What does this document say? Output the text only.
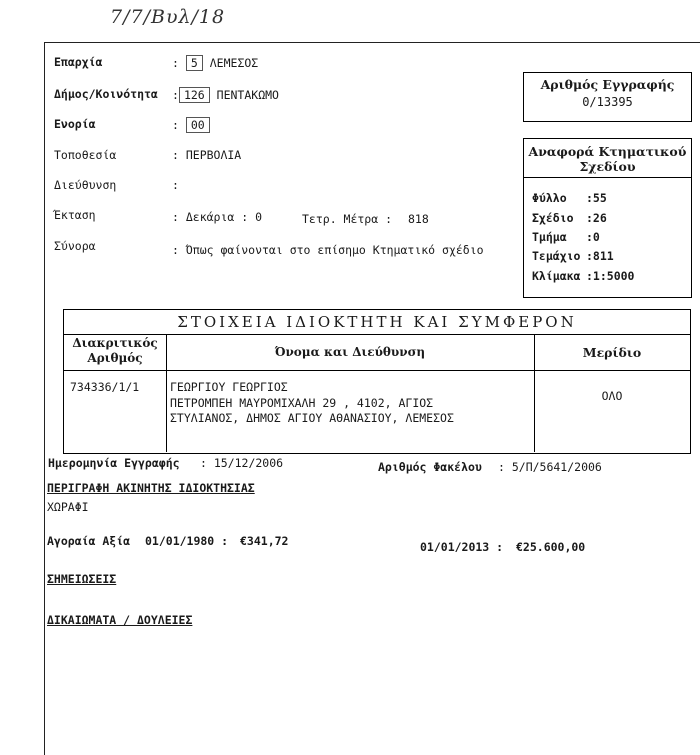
7/7/Βυλ/18
Επαρχία	: 5 ΛΕΜΕΣΟΣ
Δήμος/Κοινότητα : 126 ΠΕΝΤΑΚΩΜΟ
Ενορία	: 00
Τοποθεσία	: ΠΕΡΒΟΛΙΑ
Διεύθυνση	:
Έκταση	: Δεκάρια : 0	Τετρ. Μέτρα : 818
Σύνορα	: Όπως φαίνονται στο επίσημο Κτηματικό σχέδιο
Αριθμός Εγγραφής
0/13395
Αναφορά Κτηματικού
Σχεδίου
Φύλλο :55
Σχέδιο :26
Τμήμα :0
Τεμάχιο :811
Κλίμακα :1:5000
ΣΤΟΙΧΕΙΑ ΙΔΙΟΚΤΗΤΗ ΚΑΙ ΣΥΜΦΕΡΟΝ
Διακριτικός
Αριθμός	Όνομα και Διεύθυνση	Μερίδιο
734336/1/1	ΓΕΩΡΓΙΟΥ ΓΕΩΡΓΙΟΣ
ΠΕΤΡΟΜΠΕΗ ΜΑΥΡΟΜΙΧΑΛΗ 29 , 4102, ΑΓΙΟΣ
ΣΤΥΛΙΑΝΟΣ, ΔΗΜΟΣ ΑΓΙΟΥ ΑΘΑΝΑΣΙΟΥ, ΛΕΜΕΣΟΣ
ΟΛΟ
Ημερομηνία Εγγραφής : 15/12/2006	Αριθμός Φακέλου : 5/Π/5641/2006
ΠΕΡΙΓΡΑΦΗ ΑΚΙΝΗΤΗΣ ΙΔΙΟΚΤΗΣΙΑΣ
ΧΩΡΑΦΙ
Αγοραία Αξία 01/01/1980 : €341,72	01/01/2013 : €25.600,00
ΣΗΜΕΙΩΣΕΙΣ
ΔΙΚΑΙΩΜΑΤΑ / ΔΟΥΛΕΙΕΣ
